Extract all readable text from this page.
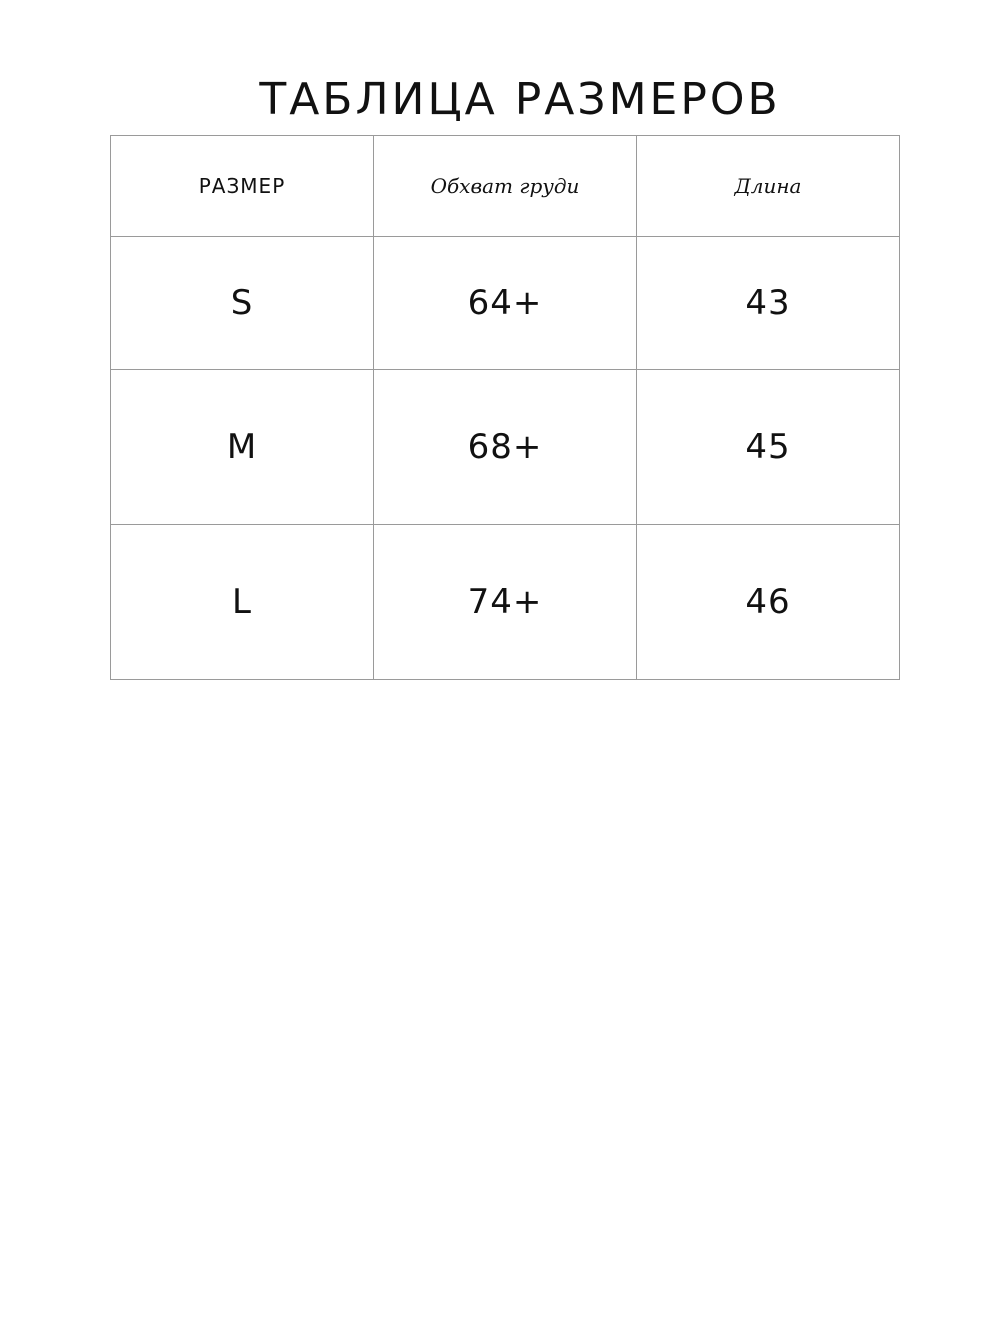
ТАБЛИЦА РАЗМЕРОВ
РАЗМЕР	Обхват груди	Длина
S	64+	43
M	68+	45
L	74+	46
